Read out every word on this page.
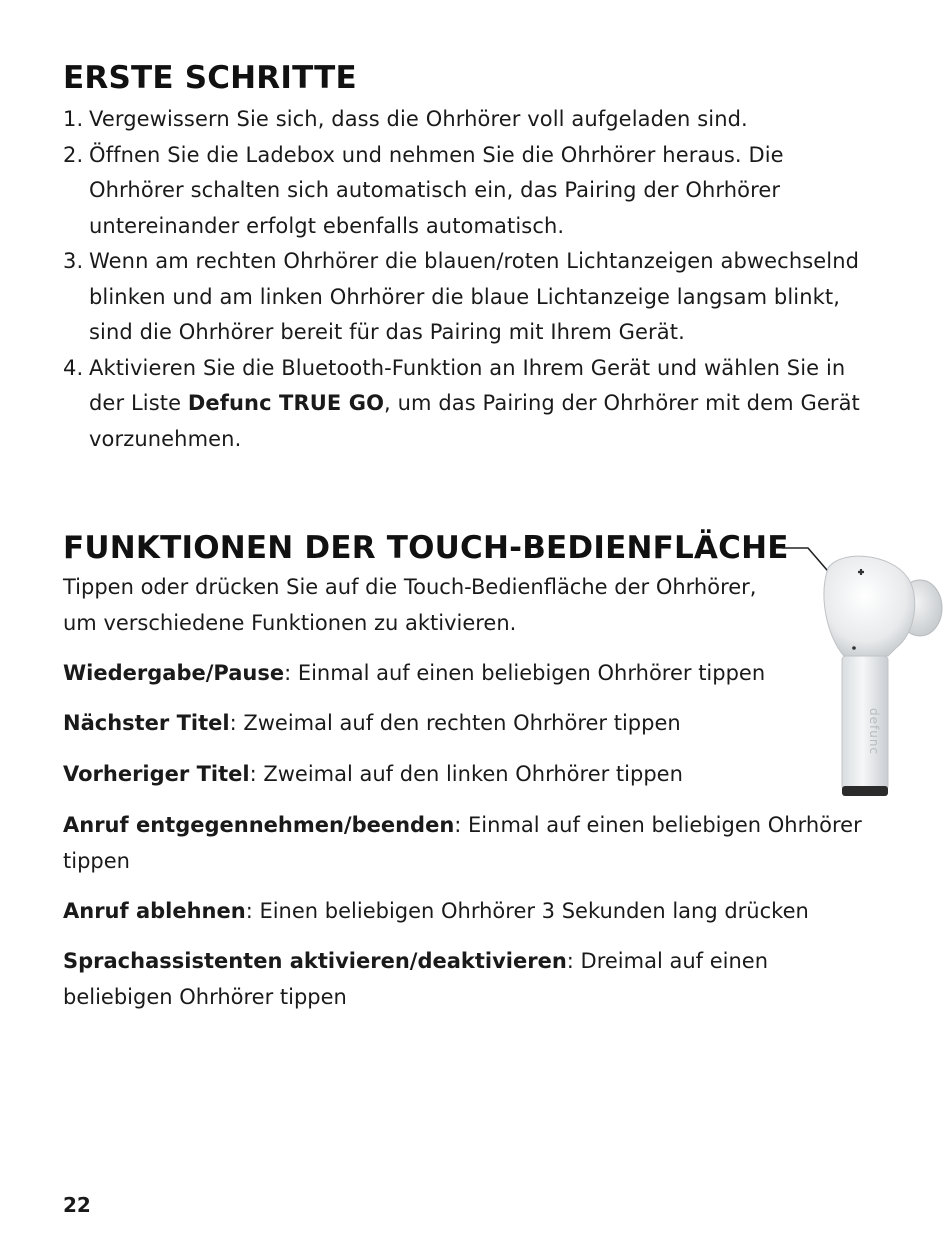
ERSTE SCHRITTE
1. Vergewissern Sie sich, dass die Ohrhörer voll aufgeladen sind.
2. Öffnen Sie die Ladebox und nehmen Sie die Ohrhörer heraus. Die Ohrhörer schalten sich automatisch ein, das Pairing der Ohrhörer untereinander erfolgt ebenfalls automatisch.
3. Wenn am rechten Ohrhörer die blauen/roten Lichtanzeigen abwechselnd blinken und am linken Ohrhörer die blaue Lichtanzeige langsam blinkt, sind die Ohrhörer bereit für das Pairing mit Ihrem Gerät.
4. Aktivieren Sie die Bluetooth-Funktion an Ihrem Gerät und wählen Sie in der Liste Defunc TRUE GO, um das Pairing der Ohrhörer mit dem Gerät vorzunehmen.
FUNKTIONEN DER TOUCH-BEDIENFLÄCHE

Tippen oder drücken Sie auf die Touch-Bedienfläche der Ohrhörer, um verschiedene Funktionen zu aktivieren.

Wiedergabe/Pause: Einmal auf einen beliebigen Ohrhörer tippen

Nächster Titel: Zweimal auf den rechten Ohrhörer tippen

Vorheriger Titel: Zweimal auf den linken Ohrhörer tippen

Anruf entgegennehmen/beenden: Einmal auf einen beliebigen Ohrhörer tippen

Anruf ablehnen: Einen beliebigen Ohrhörer 3 Sekunden lang drücken

Sprachassistenten aktivieren/deaktivieren: Dreimal auf einen beliebigen Ohrhörer tippen

defunc
22
